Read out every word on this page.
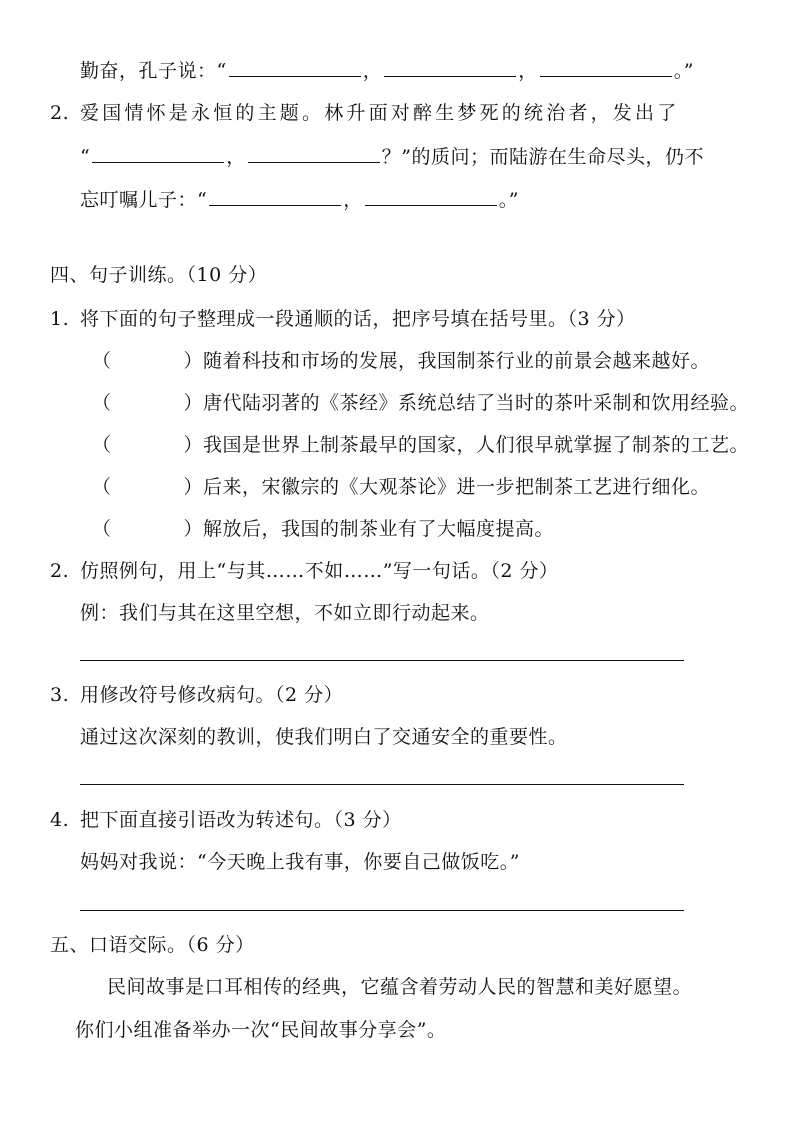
勤奋，孔子说：“	，	，	。”
2. 爱国情怀是永恒的主题。林升面对醉生梦死的统治者，发出了
“	，	？”的质问；而陆游在生命尽头，仍不
忘叮嘱儿子：“	，	。”
四、句子训练。（10 分）
1. 将下面的句子整理成一段通顺的话，把序号填在括号里。（3 分）
（	）随着科技和市场的发展，我国制茶行业的前景会越来越好。
（	）唐代陆羽著的《茶经》系统总结了当时的茶叶采制和饮用经验。
（	）我国是世界上制茶最早的国家，人们很早就掌握了制茶的工艺。
（	）后来，宋徽宗的《大观茶论》进一步把制茶工艺进行细化。
（	）解放后，我国的制茶业有了大幅度提高。
2. 仿照例句，用上“与其……不如……”写一句话。（2 分）
例：我们与其在这里空想，不如立即行动起来。
3. 用修改符号修改病句。（2 分）
通过这次深刻的教训，使我们明白了交通安全的重要性。
4. 把下面直接引语改为转述句。（3 分）
妈妈对我说：“今天晚上我有事，你要自己做饭吃。”
五、口语交际。（6 分）
民间故事是口耳相传的经典，它蕴含着劳动人民的智慧和美好愿望。
你们小组准备举办一次“民间故事分享会”。
